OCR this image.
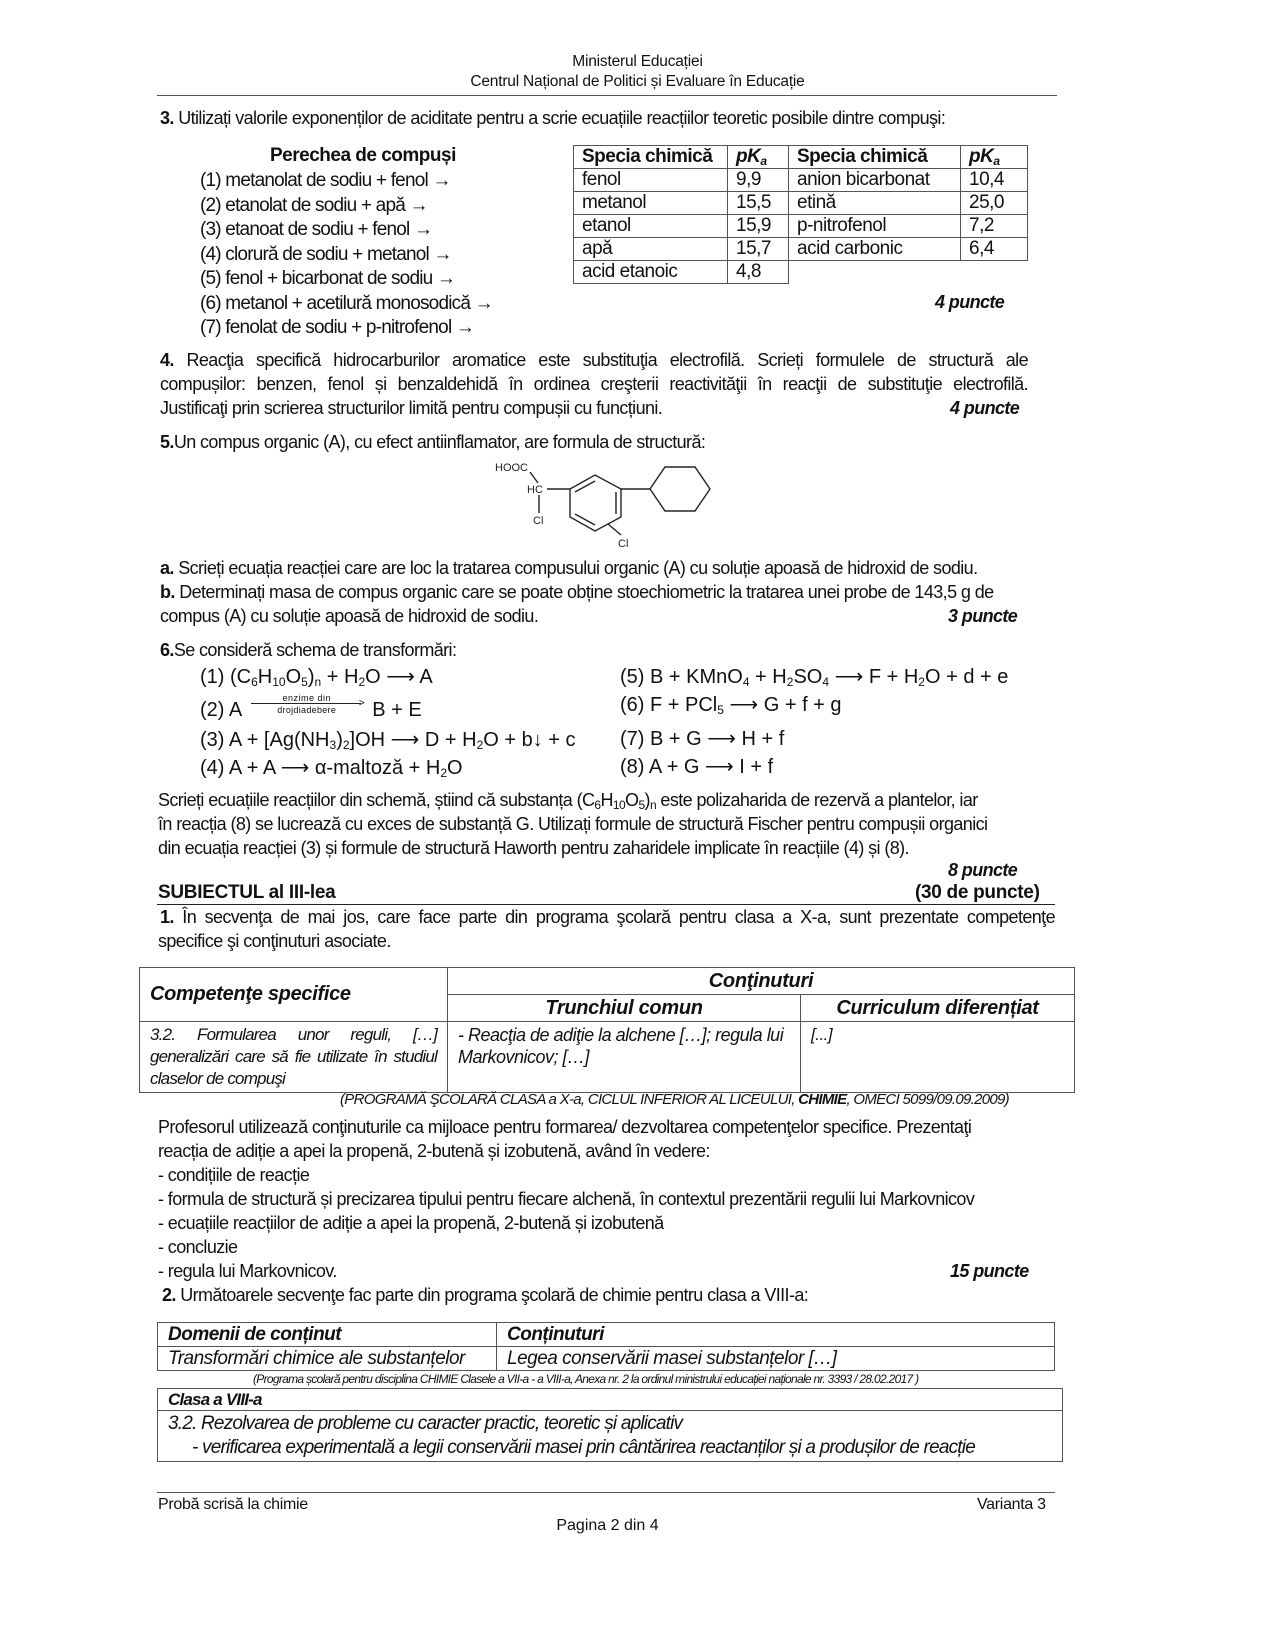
Ministerul Educației
Centrul Național de Politici și Evaluare în Educație
3. Utilizați valorile exponenților de aciditate pentru a scrie ecuațiile reacțiilor teoretic posibile dintre compuşi:
Perechea de compuși
(1) metanolat de sodiu + fenol →
(2) etanolat de sodiu + apă →
(3) etanoat de sodiu + fenol →
(4) clorură de sodiu + metanol →
(5) fenol + bicarbonat de sodiu →
(6) metanol + acetilură monosodică →
(7) fenolat de sodiu + p-nitrofenol →
Specia chimică	$pK_a$	Specia chimică	$pK_a$
fenol	9,9	anion bicarbonat	10,4
metanol	15,5	etină	25,0
etanol	15,9	p-nitrofenol	7,2
apă	15,7	acid carbonic	6,4
acid etanoic	4,8		
4 puncte
4. Reacţia specifică hidrocarburilor aromatice este substituţia electrofilă. Scrieți formulele de structură ale
compușilor: benzen, fenol și benzaldehidă în ordinea creşterii reactivităţii în reacţii de substituţie electrofilă.
Justificaţi prin scrierea structurilor limită pentru compușii cu funcțiuni.	4 puncte
5.Un compus organic (A), cu efect antiinflamator, are formula de structură:
HOOC
HC
Cl
Cl
a. Scrieți ecuația reacției care are loc la tratarea compusului organic (A) cu soluție apoasă de hidroxid de sodiu.
b. Determinați masa de compus organic care se poate obține stoechiometric la tratarea unei probe de 143,5 g de
compus (A) cu soluție apoasă de hidroxid de sodiu.	3 puncte
6.Se consideră schema de transformări:
(1) $(C_6H_{10}O_5)_n + H_2O$ ⟶ A
(2) A
enzime din	>
drojdiadebere	B + E
(3) $A + [Ag(NH_3)_2]OH$ ⟶ $D + H_2O$ + b↓ + c
(4) A + A ⟶ α-maltoză + $H_2O$
(5) B + KMnO$_4$ + $H_2SO_4$ ⟶ $F + H_2O + d + e$
(6) F + PCl$_5$ ⟶ G + f + g
(7) B + G ⟶ H + f
(8) A + G ⟶ I + f
Scrieți ecuațiile reacțiilor din schemă, știind că substanța $(C_6H_{10}O_5)_n$ este polizaharida de rezervă a plantelor, iar
în reacția (8) se lucrează cu exces de substanță G. Utilizați formule de structură Fischer pentru compușii organici
din ecuația reacției (3) și formule de structură Haworth pentru zaharidele implicate în reacțiile (4) și (8).
8 puncte
SUBIECTUL al III-lea	(30 de puncte)
1. În secvenţa de mai jos, care face parte din programa şcolară pentru clasa a X-a, sunt prezentate competenţe
specifice şi conţinuturi asociate.
Competenţe specifice	Conţinuturi	
	Trunchiul comun	Curriculum diferențiat
3.2. Formularea unor reguli, […] generalizări care să fie utilizate în studiul claselor de compuşi	- Reacţia de adiţie la alchene […]; regula lui Markovnicov; […]	[...]
(PROGRAMĂ ŞCOLARĂ CLASA a X-a, CICLUL INFERIOR AL LICEULUI, CHIMIE, OMECI 5099/09.09.2009)
Profesorul utilizează conţinuturile ca mijloace pentru formarea/ dezvoltarea competenţelor specifice. Prezentaţi
reacția de adiție a apei la propenă, 2-butenă și izobutenă, având în vedere:
- condițiile de reacție
- formula de structură și precizarea tipului pentru fiecare alchenă, în contextul prezentării regulii lui Markovnicov
- ecuațiile reacțiilor de adiție a apei la propenă, 2-butenă și izobutenă
- concluzie
- regula lui Markovnicov.	15 puncte
2. Următoarele secvenţe fac parte din programa şcolară de chimie pentru clasa a VIII-a:
Domenii de conținut	Conținuturi
Transformări chimice ale substanțelor	Legea conservării masei substanțelor […]
(Programa școlară pentru disciplina CHIMIE Clasele a VII-a - a VIII-a, Anexa nr. 2 la ordinul ministrului educației naționale nr. 3393 / 28.02.2017 )
Clasa a VIII-a

3.2. Rezolvarea de probleme cu caracter practic, teoretic și aplicativ
- verificarea experimentală a legii conservării masei prin cântărirea reactanților și a produșilor de reacție
Probă scrisă la chimie	Varianta 3
Pagina 2 din 4
